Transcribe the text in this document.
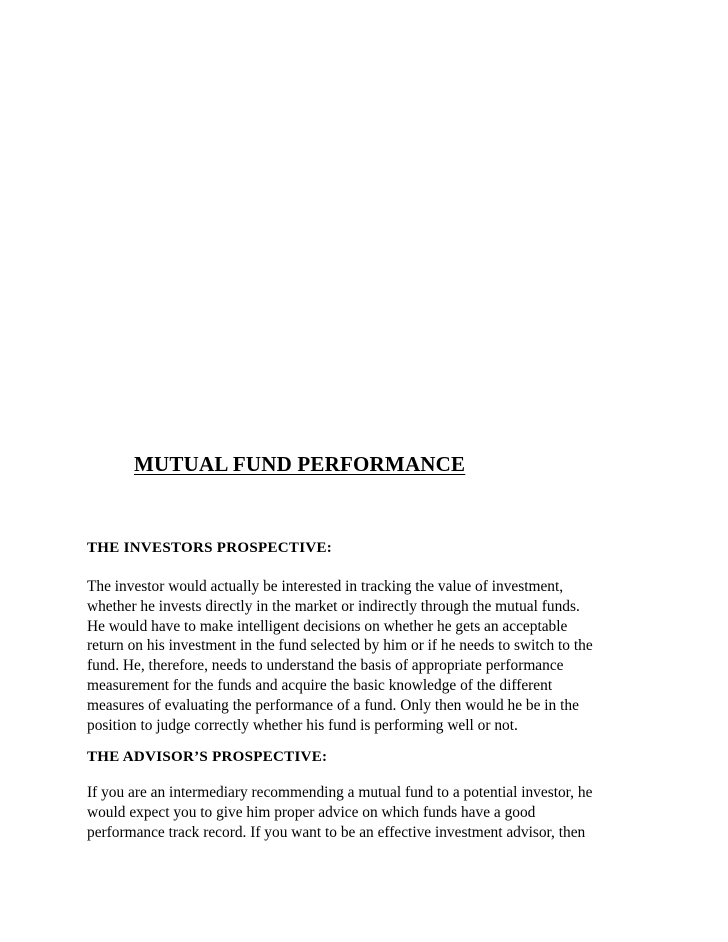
MUTUAL FUND PERFORMANCE
THE INVESTORS PROSPECTIVE:
The investor would actually be interested in tracking the value of investment,
whether he invests directly in the market or indirectly through the mutual funds.
He would have to make intelligent decisions on whether he gets an acceptable
return on his investment in the fund selected by him or if he needs to switch to the
fund. He, therefore, needs to understand the basis of appropriate performance
measurement for the funds and acquire the basic knowledge of the different
measures of evaluating the performance of a fund. Only then would he be in the
position to judge correctly whether his fund is performing well or not.
THE ADVISOR’S PROSPECTIVE:
If you are an intermediary recommending a mutual fund to a potential investor, he
would expect you to give him proper advice on which funds have a good
performance track record. If you want to be an effective investment advisor, then
